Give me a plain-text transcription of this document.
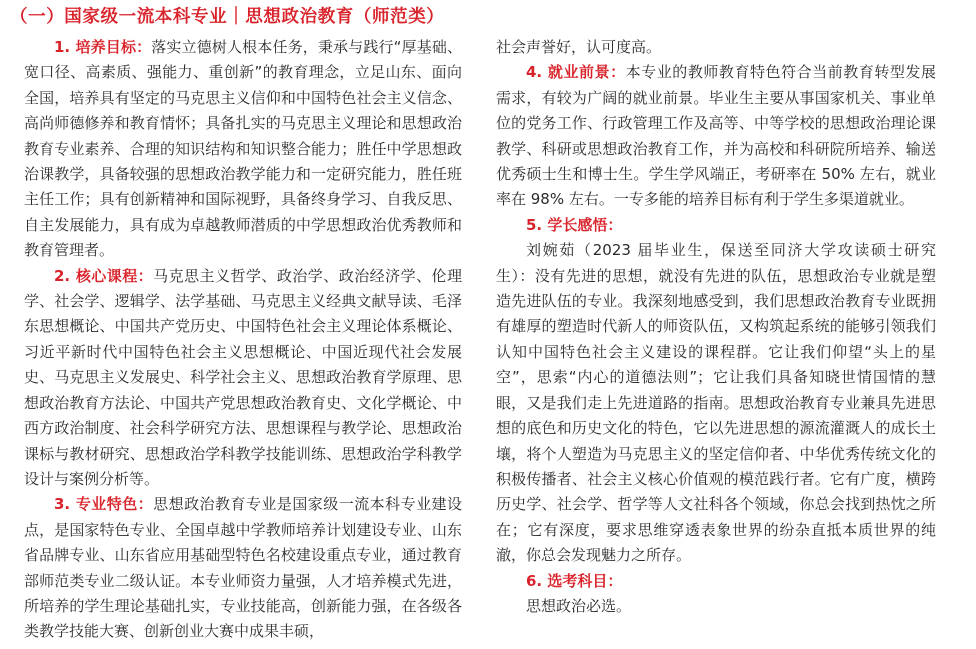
（一）国家级一流本科专业｜思想政治教育（师范类）

1. 培养目标：落实立德树人根本任务，秉承与践行“厚基础、宽口径、高素质、强能力、重创新”的教育理念，立足山东、面向全国，培养具有坚定的马克思主义信仰和中国特色社会主义信念、高尚师德修养和教育情怀；具备扎实的马克思主义理论和思想政治教育专业素养、合理的知识结构和知识整合能力；胜任中学思想政治课教学，具备较强的思想政治教学能力和一定研究能力，胜任班主任工作；具有创新精神和国际视野，具备终身学习、自我反思、自主发展能力，具有成为卓越教师潜质的中学思想政治优秀教师和教育管理者。

2. 核心课程：马克思主义哲学、政治学、政治经济学、伦理学、社会学、逻辑学、法学基础、马克思主义经典文献导读、毛泽东思想概论、中国共产党历史、中国特色社会主义理论体系概论、习近平新时代中国特色社会主义思想概论、中国近现代社会发展史、马克思主义发展史、科学社会主义、思想政治教育学原理、思想政治教育方法论、中国共产党思想政治教育史、文化学概论、中西方政治制度、社会科学研究方法、思想课程与教学论、思想政治课标与教材研究、思想政治学科教学技能训练、思想政治学科教学设计与案例分析等。

3. 专业特色：思想政治教育专业是国家级一流本科专业建设点，是国家特色专业、全国卓越中学教师培养计划建设专业、山东省品牌专业、山东省应用基础型特色名校建设重点专业，通过教育部师范类专业二级认证。本专业师资力量强，人才培养模式先进，所培养的学生理论基础扎实，专业技能高，创新能力强，在各级各类教学技能大赛、创新创业大赛中成果丰硕，

社会声誉好，认可度高。

4. 就业前景：本专业的教师教育特色符合当前教育转型发展需求，有较为广阔的就业前景。毕业生主要从事国家机关、事业单位的党务工作、行政管理工作及高等、中等学校的思想政治理论课教学、科研或思想政治教育工作，并为高校和科研院所培养、输送优秀硕士生和博士生。学生学风端正，考研率在 50% 左右，就业率在 98% 左右。一专多能的培养目标有利于学生多渠道就业。

5. 学长感悟：

刘婉茹（2023 届毕业生，保送至同济大学攻读硕士研究生）：没有先进的思想，就没有先进的队伍，思想政治专业就是塑造先进队伍的专业。我深刻地感受到，我们思想政治教育专业既拥有雄厚的塑造时代新人的师资队伍，又构筑起系统的能够引领我们认知中国特色社会主义建设的课程群。它让我们仰望“头上的星空”，思索“内心的道德法则”；它让我们具备知晓世情国情的慧眼，又是我们走上先进道路的指南。思想政治教育专业兼具先进思想的底色和历史文化的特色，它以先进思想的源流灌溉人的成长土壤，将个人塑造为马克思主义的坚定信仰者、中华优秀传统文化的积极传播者、社会主义核心价值观的模范践行者。它有广度，横跨历史学、社会学、哲学等人文社科各个领域，你总会找到热忱之所在；它有深度，要求思维穿透表象世界的纷杂直抵本质世界的纯澈，你总会发现魅力之所存。

6. 选考科目：

思想政治必选。
